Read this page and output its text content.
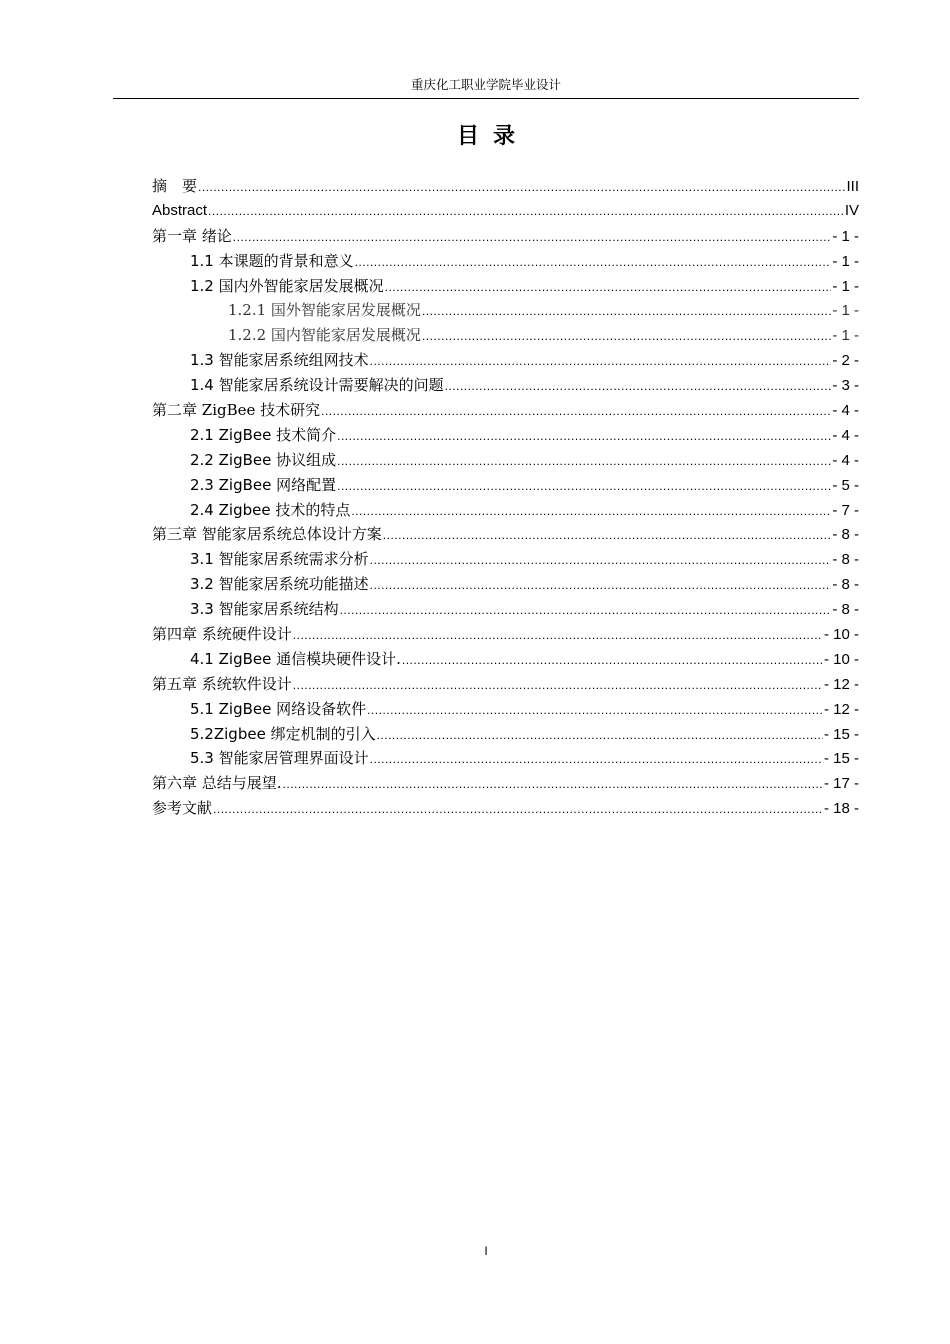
重庆化工职业学院毕业设计
目录
摘　要 .....	III
Abstract .....	IV
第一章 绪论 .....	- 1 -
1.1 本课题的背景和意义 .....	- 1 -
1.2 国内外智能家居发展概况 .....	- 1 -
1.2.1 国外智能家居发展概况 .....	- 1 -
1.2.2 国内智能家居发展概况 .....	- 1 -
1.3 智能家居系统组网技术 .....	- 2 -
1.4 智能家居系统设计需要解决的问题 .....	- 3 -
第二章 ZigBee 技术研究 .....	- 4 -
2.1 ZigBee 技术简介 .....	- 4 -
2.2 ZigBee 协议组成 .....	- 4 -
2.3 ZigBee 网络配置 .....	- 5 -
2.4 Zigbee 技术的特点 .....	- 7 -
第三章 智能家居系统总体设计方案 .....	- 8 -
3.1 智能家居系统需求分析 .....	- 8 -
3.2 智能家居系统功能描述 .....	- 8 -
3.3 智能家居系统结构 .....	- 8 -
第四章 系统硬件设计 .....	- 10 -
4.1 ZigBee 通信模块硬件设计. .....	- 10 -
第五章 系统软件设计 .....	- 12 -
5.1 ZigBee 网络设备软件 .....	- 12 -
5.2Zigbee 绑定机制的引入 .....	- 15 -
5.3 智能家居管理界面设计 .....	- 15 -
第六章 总结与展望. .....	- 17 -
参考文献 .....	- 18 -
I
